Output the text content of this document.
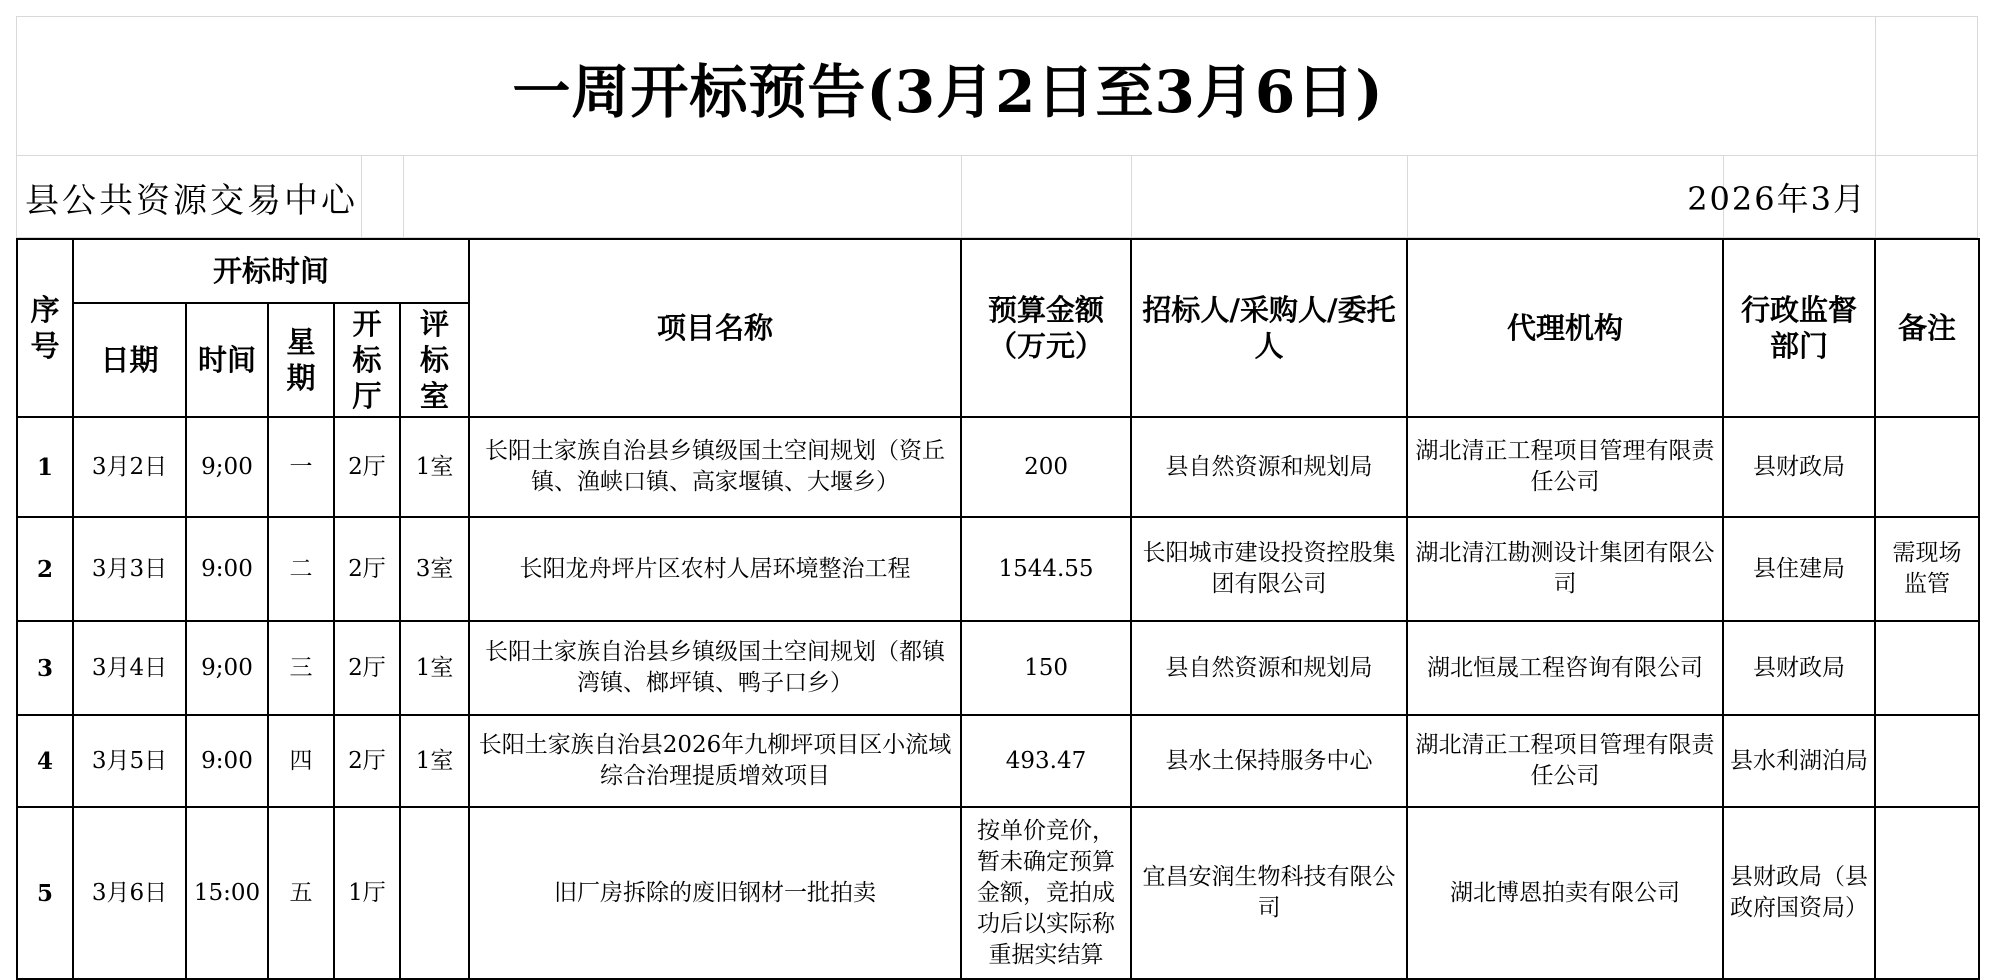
一周开标预告(3月2日至3月6日)
县公共资源交易中心	2026年3月
序号	开标时间					项目名称	预算金额（万元）	招标人/采购人/委托人	代理机构	行政监督部门	备注
	日期	时间	星期	开标厅	评标室						
1	3月2日	9;00	一	2厅	1室	长阳土家族自治县乡镇级国土空间规划（资丘镇、渔峡口镇、高家堰镇、大堰乡）	200	县自然资源和规划局	湖北清正工程项目管理有限责任公司	县财政局	
2	3月3日	9:00	二	2厅	3室	长阳龙舟坪片区农村人居环境整治工程	1544.55	长阳城市建设投资控股集团有限公司	湖北清江勘测设计集团有限公司	县住建局	需现场监管
3	3月4日	9;00	三	2厅	1室	长阳土家族自治县乡镇级国土空间规划（都镇湾镇、榔坪镇、鸭子口乡）	150	县自然资源和规划局	湖北恒晟工程咨询有限公司	县财政局	
4	3月5日	9:00	四	2厅	1室	长阳土家族自治县2026年九柳坪项目区小流域综合治理提质增效项目	493.47	县水土保持服务中心	湖北清正工程项目管理有限责任公司	县水利湖泊局	
5	3月6日	15:00	五	1厅		旧厂房拆除的废旧钢材一批拍卖	按单价竞价，暂未确定预算金额，竞拍成功后以实际称重据实结算	宜昌安润生物科技有限公司	湖北博恩拍卖有限公司	县财政局（县政府国资局）	
